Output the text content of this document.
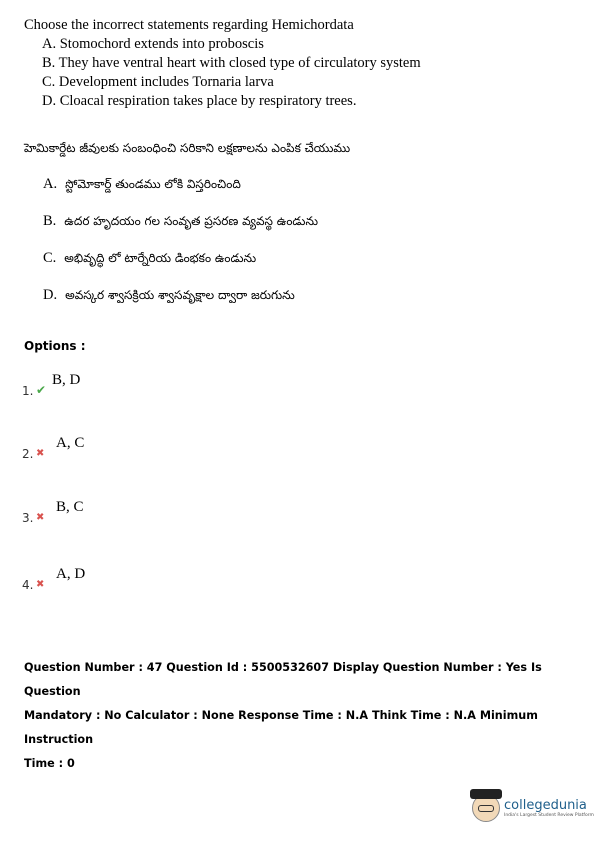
Choose the incorrect statements regarding Hemichordata
A. Stomochord extends into proboscis
B. They have ventral heart with closed type of circulatory system
C. Development includes Tornaria larva
D. Cloacal respiration takes place by respiratory trees.
హెమికార్డేట జీవులకు సంబంధించి సరికాని లక్షణాలను ఎంపిక చేయుము
A. స్టోమోకార్డ్ తుండము లోకి విస్తరించింది
B. ఉదర హృదయం గల సంవృత ప్రసరణ వ్యవస్థ ఉండును
C. అభివృద్ధి లో టార్నేరియ డింభకం ఉండును
D. అవస్కర శ్వాసక్రియ శ్వాసవృక్షాల ద్వారా జరుగును
Options :
1. ✔
B, D
2. ✖
A, C
3. ✖
B, C
4. ✖
A, D
Question Number : 47 Question Id : 5500532607 Display Question Number : Yes Is Question
Mandatory : No Calculator : None Response Time : N.A Think Time : N.A Minimum Instruction
Time : 0
collegedunia
India's Largest Student Review Platform
